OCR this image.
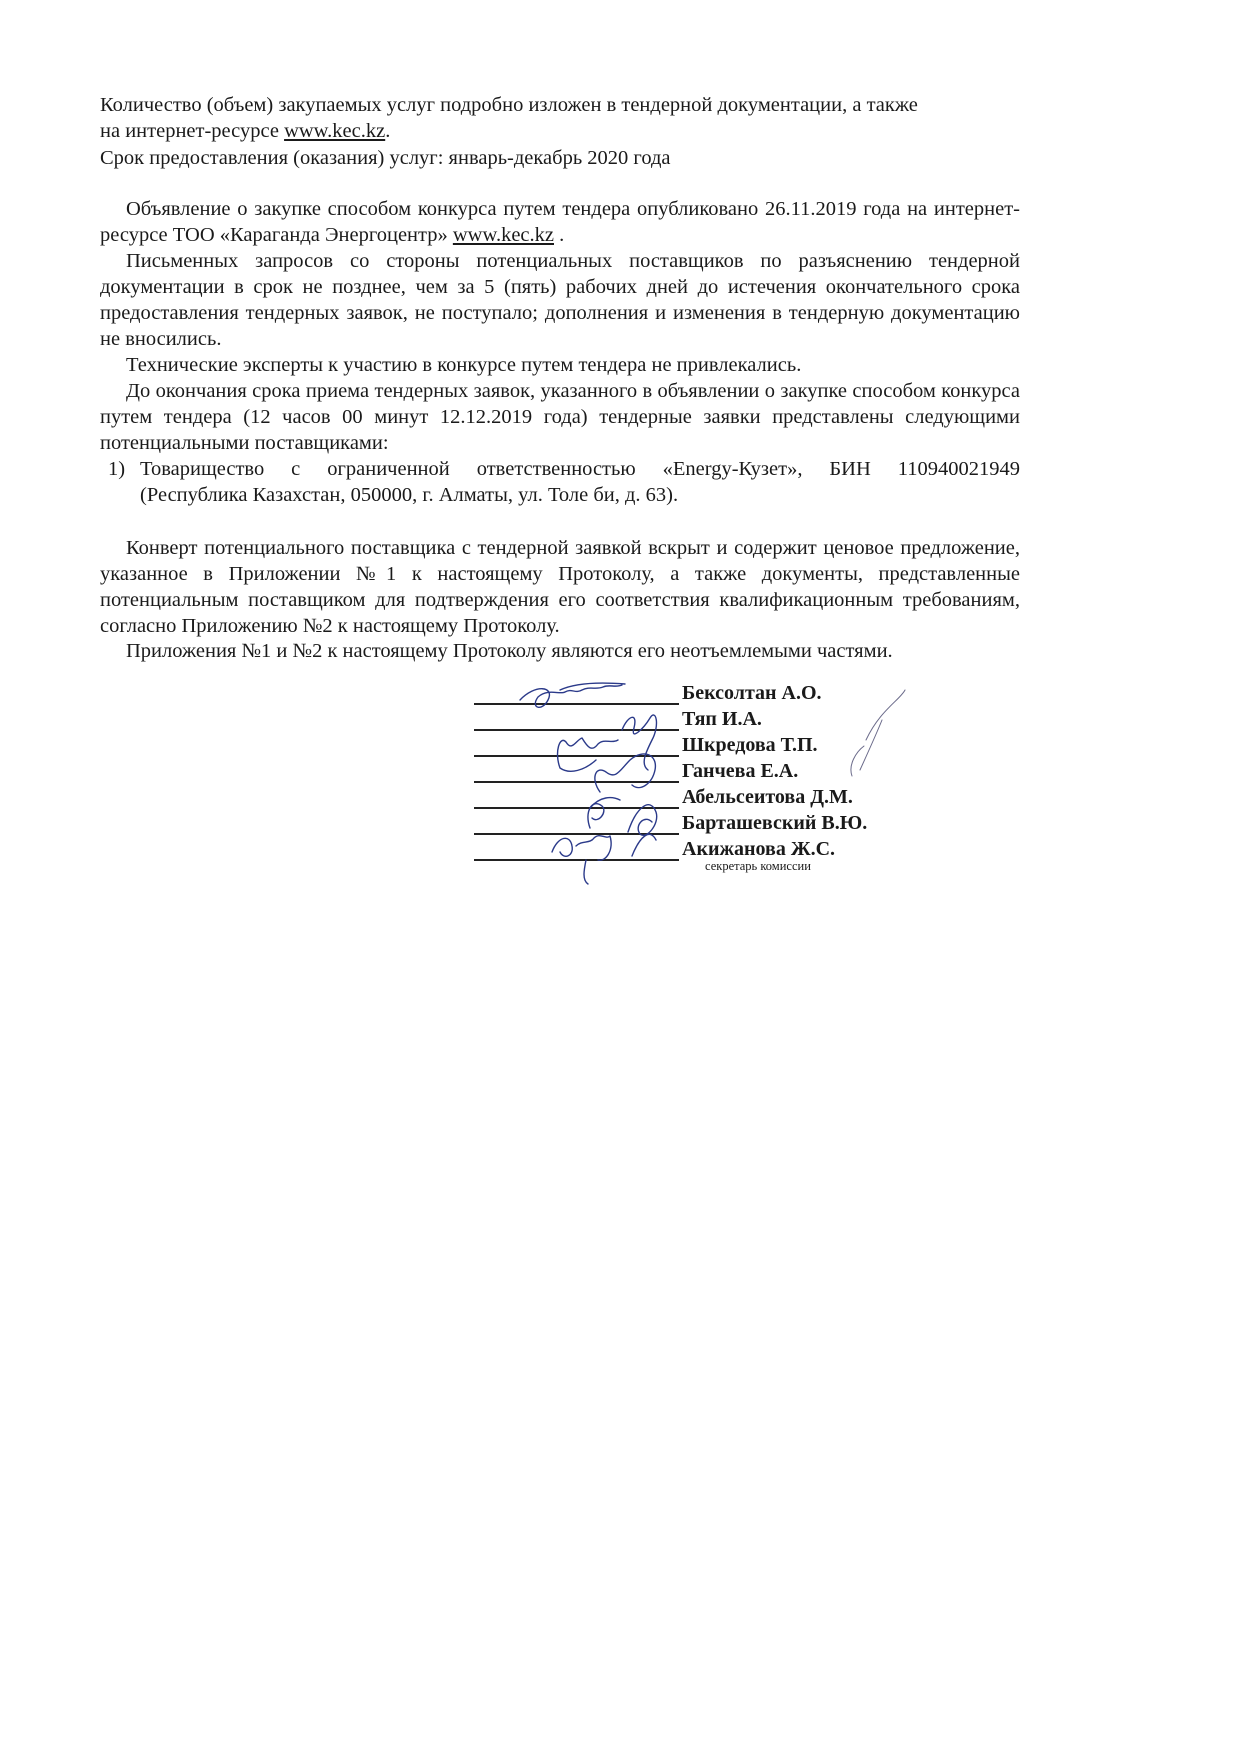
Количество (объем) закупаемых услуг подробно изложен в тендерной документации, а также

на интернет-ресурсе www.kec.kz.

Срок предоставления (оказания) услуг: январь-декабрь 2020 года

Объявление о закупке способом конкурса путем тендера опубликовано 26.11.2019 года на интернет-ресурсе ТОО «Караганда Энергоцентр» www.kec.kz .

Письменных запросов со стороны потенциальных поставщиков по разъяснению тендерной документации в срок не позднее, чем за 5 (пять) рабочих дней до истечения окончательного срока предоставления тендерных заявок, не поступало; дополнения и изменения в тендерную документацию не вносились.

Технические эксперты к участию в конкурсе путем тендера не привлекались.

До окончания срока приема тендерных заявок, указанного в объявлении о закупке способом конкурса путем тендера (12 часов 00 минут 12.12.2019 года) тендерные заявки представлены следующими потенциальными поставщиками:

1) Товарищество с ограниченной ответственностью «Energy-Кузет», БИН 110940021949
(Республика Казахстан, 050000, г. Алматы, ул. Толе би, д. 63).

Конверт потенциального поставщика с тендерной заявкой вскрыт и содержит ценовое предложение, указанное в Приложении №1 к настоящему Протоколу, а также документы, представленные потенциальным поставщиком для подтверждения его соответствия квалификационным требованиям, согласно Приложению №2 к настоящему Протоколу.

Приложения №1 и №2 к настоящему Протоколу являются его неотъемлемыми частями.

Бексолтан А.О.
Тяп И.А.
Шкредова Т.П.
Ганчева Е.А.
Абельсеитова Д.М.
Барташевский В.Ю.
Акижанова Ж.С.
секретарь комиссии
